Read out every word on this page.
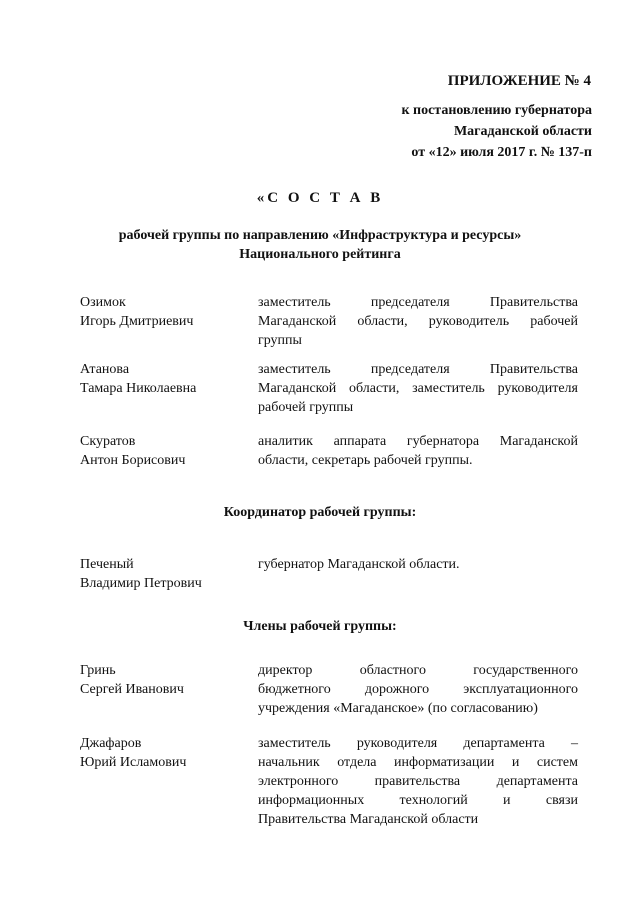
ПРИЛОЖЕНИЕ № 4
к постановлению губернатора
Магаданской области
от «12» июля 2017 г. № 137-п
«С О С Т А В
рабочей группы по направлению «Инфраструктура и ресурсы»
Национального рейтинга
Озимок
Игорь Дмитриевич
заместитель председателя Правительства
Магаданской области, руководитель рабочей
группы
Атанова
Тамара Николаевна
заместитель председателя Правительства
Магаданской области, заместитель руководителя
рабочей группы
Скуратов
Антон Борисович
аналитик аппарата губернатора Магаданской
области, секретарь рабочей группы.
Координатор рабочей группы:
Печеный
Владимир Петрович
губернатор Магаданской области.
Члены рабочей группы:
Гринь
Сергей Иванович
директор областного государственного
бюджетного дорожного эксплуатационного
учреждения «Магаданское» (по согласованию)
Джафаров
Юрий Исламович
заместитель руководителя департамента –
начальник отдела информатизации и систем
электронного правительства департамента
информационных технологий и связи
Правительства Магаданской области
